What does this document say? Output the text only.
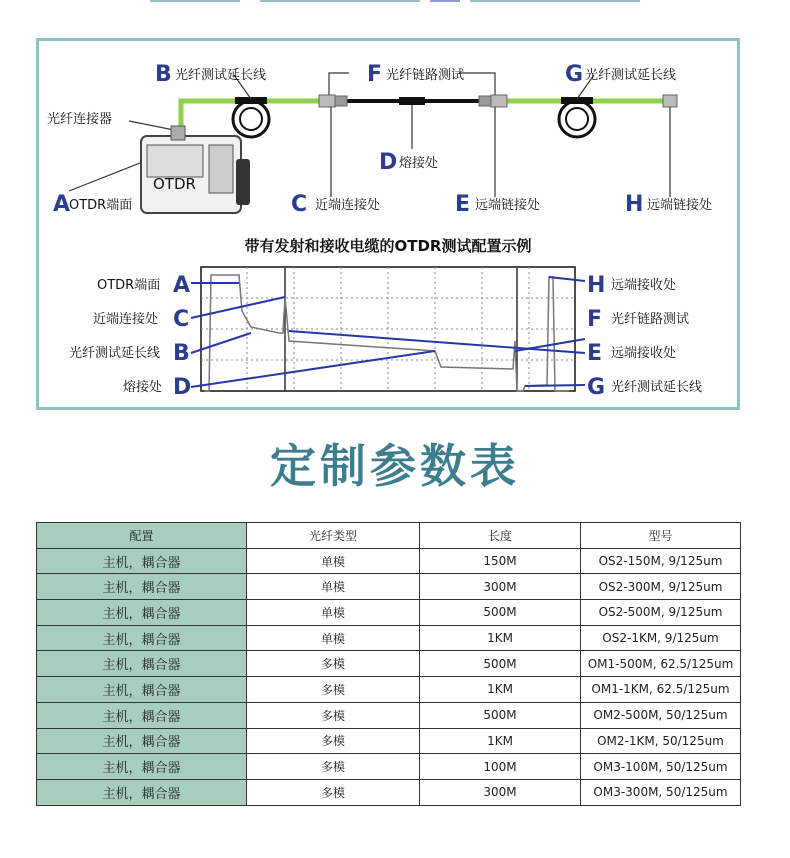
OTDR
B 光纤测试延长线	F 光纤链路测试	G 光纤测试延长线
光纤连接器
A
OTDR端面
D 熔接处
C 近端连接处	E 远端链接处	H 远端链接处
带有发射和接收电缆的OTDR测试配置示例
OTDR端面 A
近端连接处 C
光纤测试延长线 B
熔接处 D
H 远端接收处
F 光纤链路测试
E 远端接收处
G 光纤测试延长线
定制参数表
配置	光纤类型	长度	型号
主机，耦合器	单模	150M	OS2-150M, 9/125um
主机，耦合器	单模	300M	OS2-300M, 9/125um
主机，耦合器	单模	500M	OS2-500M, 9/125um
主机，耦合器	单模	1KM	OS2-1KM, 9/125um
主机，耦合器	多模	500M	OM1-500M, 62.5/125um
主机，耦合器	多模	1KM	OM1-1KM, 62.5/125um
主机，耦合器	多模	500M	OM2-500M, 50/125um
主机，耦合器	多模	1KM	OM2-1KM, 50/125um
主机，耦合器	多模	100M	OM3-100M, 50/125um
主机，耦合器	多模	300M	OM3-300M, 50/125um
